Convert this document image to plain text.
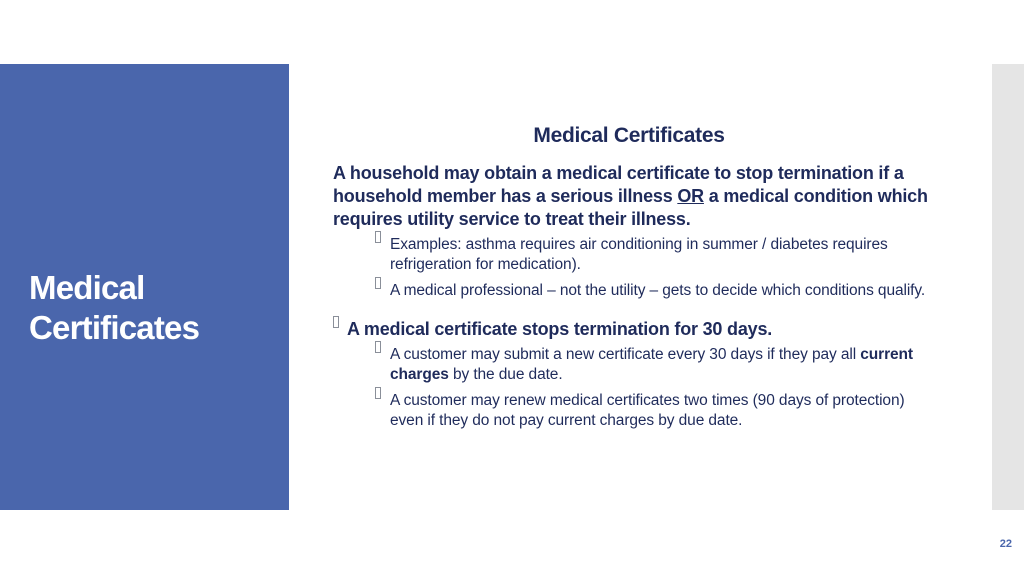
Medical
Certificates
Medical Certificates

A household may obtain a medical certificate to stop termination if a household member has a serious illness OR a medical condition which requires utility service to treat their illness.

Examples: asthma requires air conditioning in summer / diabetes requires refrigeration for medication).
A medical professional – not the utility – gets to decide which conditions qualify.
A medical certificate stops termination for 30 days.
A customer may submit a new certificate every 30 days if they pay all current charges by the due date.
A customer may renew medical certificates two times (90 days of protection) even if they do not pay current charges by due date.
22
